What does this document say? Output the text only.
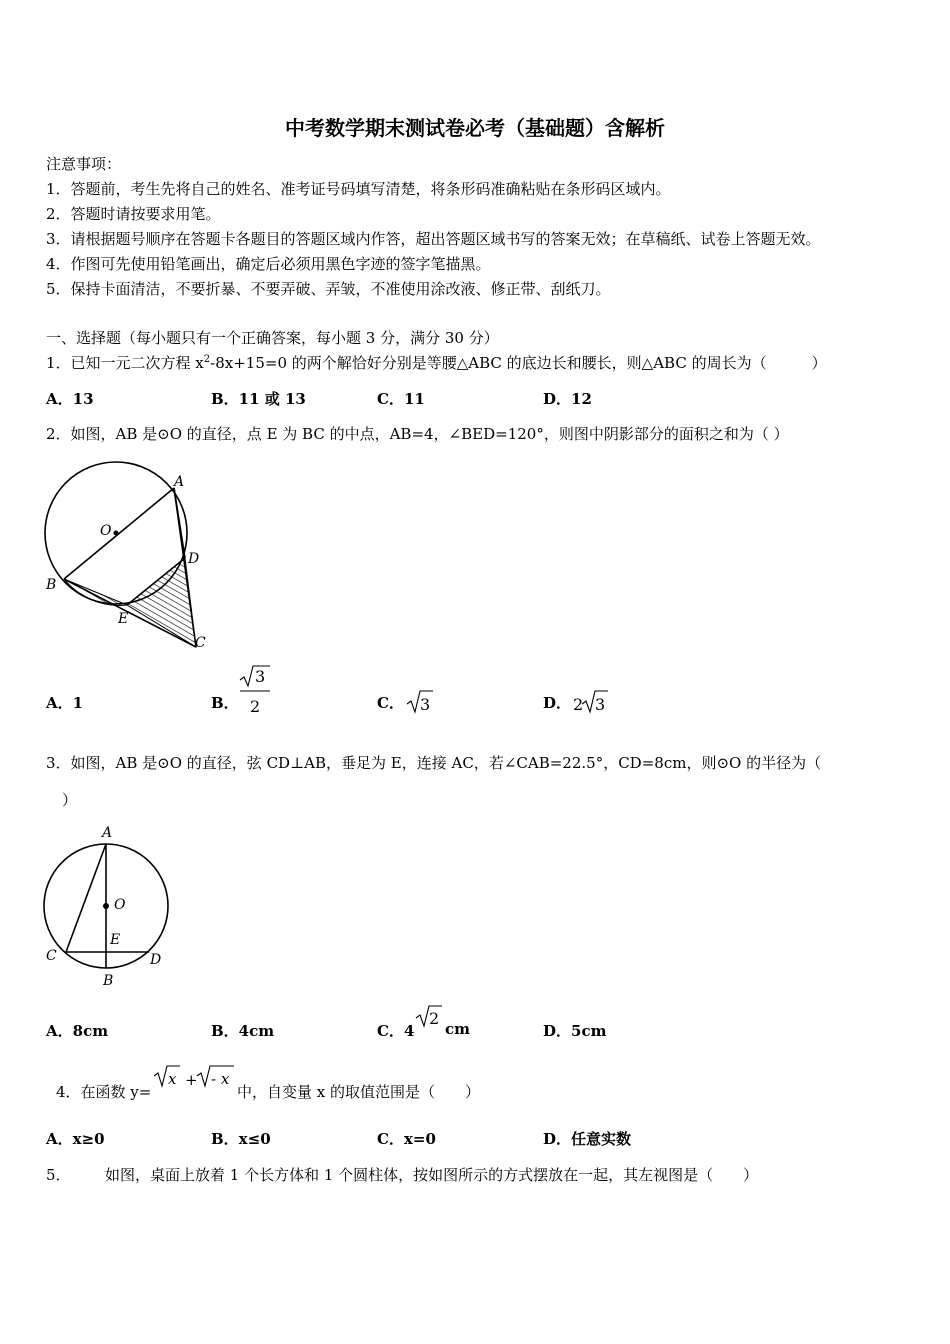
中考数学期末测试卷必考（基础题）含解析
注意事项：
1．答题前，考生先将自己的姓名、准考证号码填写清楚，将条形码准确粘贴在条形码区域内。
2．答题时请按要求用笔。
3．请根据题号顺序在答题卡各题目的答题区域内作答，超出答题区域书写的答案无效；在草稿纸、试卷上答题无效。
4．作图可先使用铅笔画出，确定后必须用黑色字迹的签字笔描黑。
5．保持卡面清洁，不要折暴、不要弄破、弄皱，不准使用涂改液、修正带、刮纸刀。
一、选择题（每小题只有一个正确答案，每小题 3 分，满分 30 分）
1．已知一元二次方程 $x^2-8x+15=0$ 的两个解恰好分别是等腰△ABC 的底边长和腰长，则△ABC 的周长为（　　　）
A．13	B．11 或 13	C．11	D．12
2．如图，AB 是⊙O 的直径，点 E 为 BC 的中点，AB=4，∠BED=120°，则图中阴影部分的面积之和为（ ）
A
O
D
B
E
C
A．1	B．
3
2	C． 3	D． 2 3
3．如图，AB 是⊙O 的直径，弦 CD⊥AB，垂足为 E，连接 AC，若∠CAB=22.5°，CD=8cm，则⊙O 的半径为（
）
A
O
E
C	D
B
A．8cm	B．4cm	C．4
2
cm	D．5cm
4．在函数 y=
x + - x
中，自变量 x 的取值范围是（　　）
A．x≥0	B．x≤0	C．x=0	D．任意实数
5． 如图，桌面上放着 1 个长方体和 1 个圆柱体，按如图所示的方式摆放在一起，其左视图是（　　）
